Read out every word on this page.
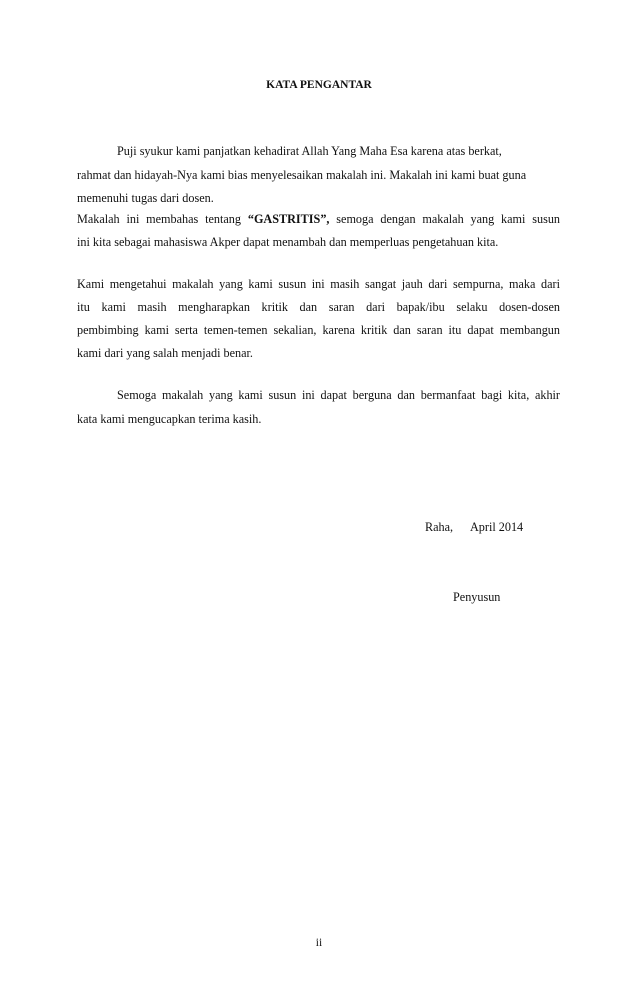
KATA PENGANTAR
Puji syukur kami panjatkan kehadirat Allah Yang Maha Esa karena atas berkat,
rahmat dan hidayah-Nya kami bias menyelesaikan makalah ini. Makalah ini kami buat guna
memenuhi tugas dari dosen.
Makalah ini membahas tentang “GASTRITIS”, semoga dengan makalah yang kami susun
ini kita sebagai mahasiswa Akper dapat menambah dan memperluas pengetahuan kita.
Kami mengetahui makalah yang kami susun ini masih sangat jauh dari sempurna, maka dari
itu kami masih mengharapkan kritik dan saran dari bapak/ibu selaku dosen-dosen
pembimbing kami serta temen-temen sekalian, karena kritik dan saran itu dapat membangun
kami dari yang salah menjadi benar.
Semoga makalah yang kami susun ini dapat berguna dan bermanfaat bagi kita, akhir
kata kami mengucapkan terima kasih.
Raha, April 2014
Penyusun
ii
